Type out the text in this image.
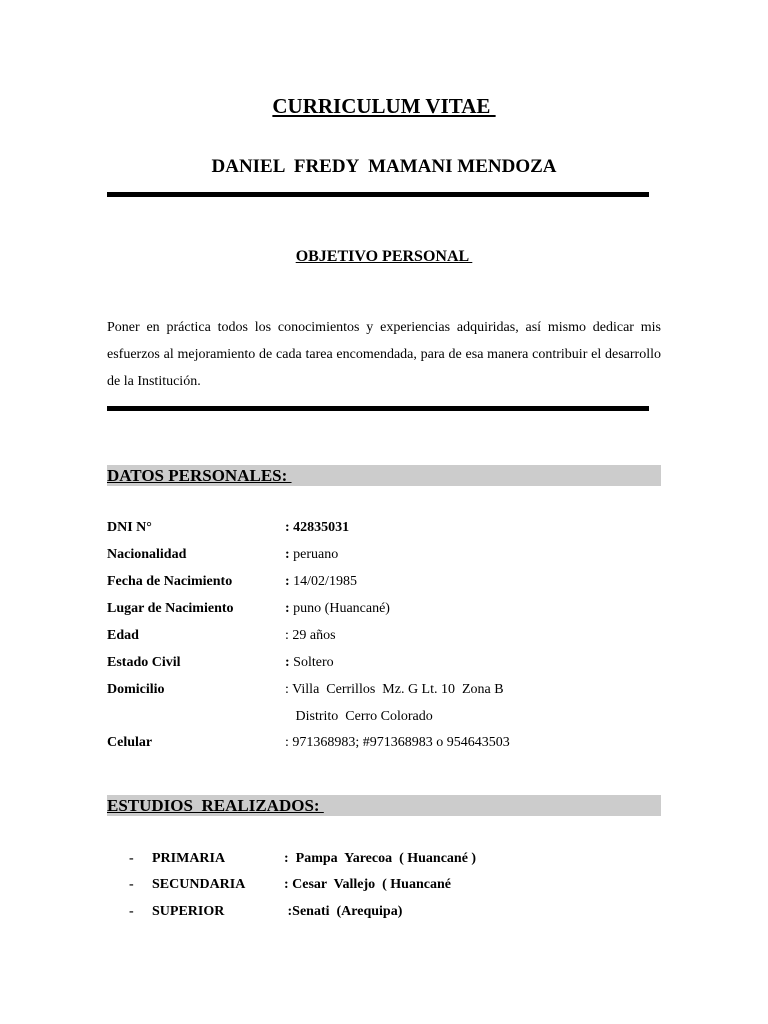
CURRICULUM VITAE
DANIEL  FREDY  MAMANI MENDOZA
OBJETIVO PERSONAL
Poner en práctica todos los conocimientos y experiencias adquiridas, así mismo dedicar mis esfuerzos al mejoramiento de cada tarea encomendada, para de esa manera contribuir el desarrollo de la Institución.
DATOS PERSONALES:
DNI N°	: 42835031
Nacionalidad	: peruano
Fecha de Nacimiento	: 14/02/1985
Lugar de Nacimiento	: puno (Huancané)
Edad	: 29 años
Estado Civil	: Soltero
Domicilio	: Villa  Cerrillos  Mz. G Lt. 10  Zona B
Distrito  Cerro Colorado
Celular	: 971368983; #971368983 o 954643503
ESTUDIOS  REALIZADOS:
- PRIMARIA	:  Pampa  Yarecoa  ( Huancané )
- SECUNDARIA	: Cesar  Vallejo  ( Huancané
- SUPERIOR	:Senati  (Arequipa)
